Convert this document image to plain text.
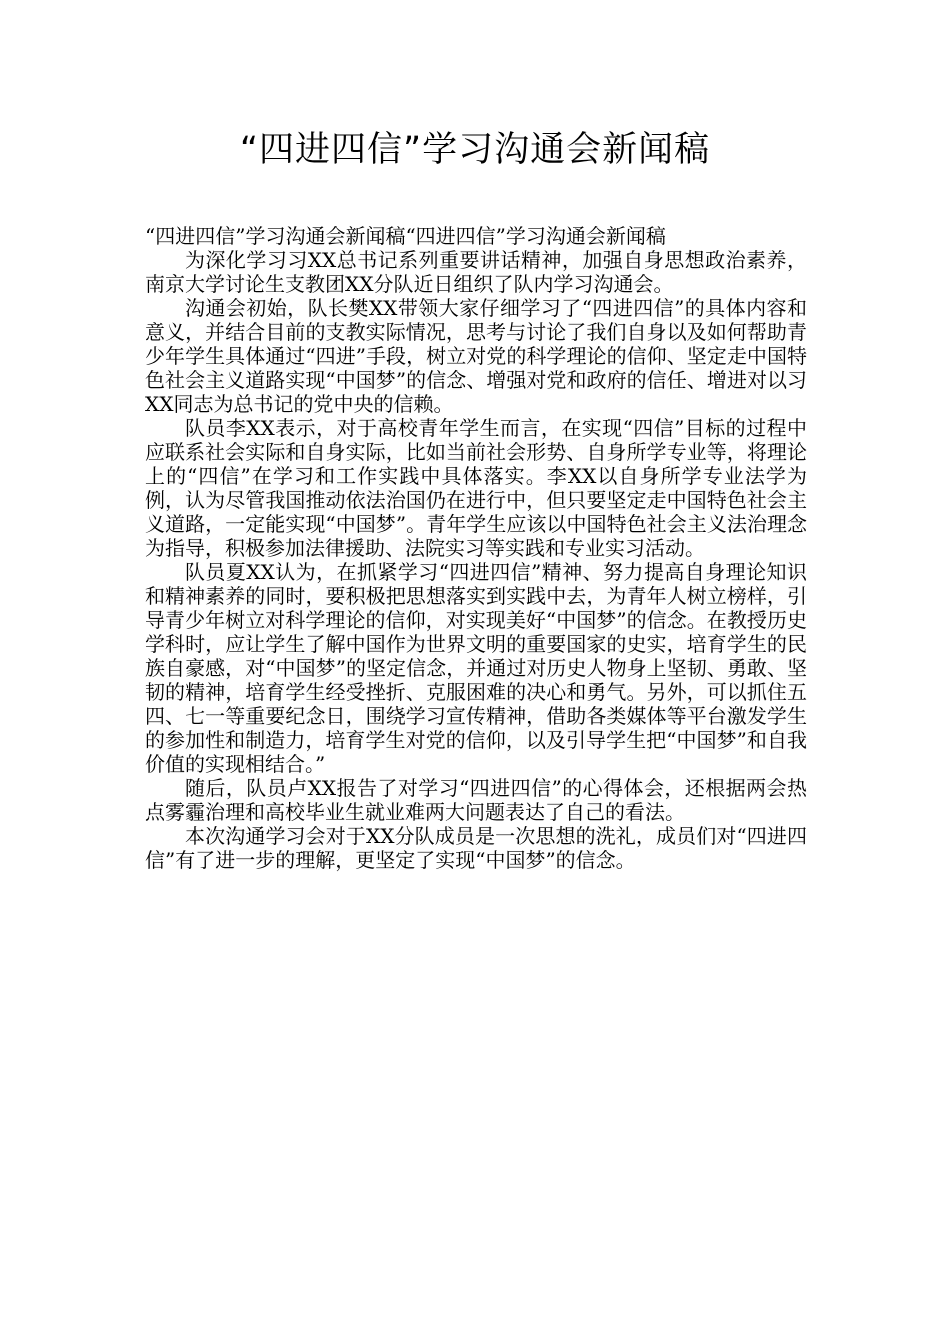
“四进四信”学习沟通会新闻稿

“四进四信”学习沟通会新闻稿“四进四信”学习沟通会新闻稿

为深化学习习XX总书记系列重要讲话精神，加强自身思想政治素养，南京大学讨论生支教团XX分队近日组织了队内学习沟通会。

沟通会初始，队长樊XX带领大家仔细学习了“四进四信”的具体内容和意义，并结合目前的支教实际情况，思考与讨论了我们自身以及如何帮助青少年学生具体通过“四进”手段，树立对党的科学理论的信仰、坚定走中国特色社会主义道路实现“中国梦”的信念、增强对党和政府的信任、增进对以习XX同志为总书记的党中央的信赖。

队员李XX表示，对于高校青年学生而言，在实现“四信”目标的过程中应联系社会实际和自身实际，比如当前社会形势、自身所学专业等，将理论上的“四信”在学习和工作实践中具体落实。李XX以自身所学专业法学为例，认为尽管我国推动依法治国仍在进行中，但只要坚定走中国特色社会主义道路，一定能实现“中国梦”。青年学生应该以中国特色社会主义法治理念为指导，积极参加法律援助、法院实习等实践和专业实习活动。

队员夏XX认为，在抓紧学习“四进四信”精神、努力提高自身理论知识和精神素养的同时，要积极把思想落实到实践中去，为青年人树立榜样，引导青少年树立对科学理论的信仰，对实现美好“中国梦”的信念。在教授历史学科时，应让学生了解中国作为世界文明的重要国家的史实，培育学生的民族自豪感，对“中国梦”的坚定信念，并通过对历史人物身上坚韧、勇敢、坚韧的精神，培育学生经受挫折、克服困难的决心和勇气。另外，可以抓住五四、七一等重要纪念日，围绕学习宣传精神，借助各类媒体等平台激发学生的参加性和制造力，培育学生对党的信仰，以及引导学生把“中国梦”和自我价值的实现相结合。”

随后，队员卢XX报告了对学习“四进四信”的心得体会，还根据两会热点雾霾治理和高校毕业生就业难两大问题表达了自己的看法。

本次沟通学习会对于XX分队成员是一次思想的洗礼，成员们对“四进四信”有了进一步的理解，更坚定了实现“中国梦”的信念。
